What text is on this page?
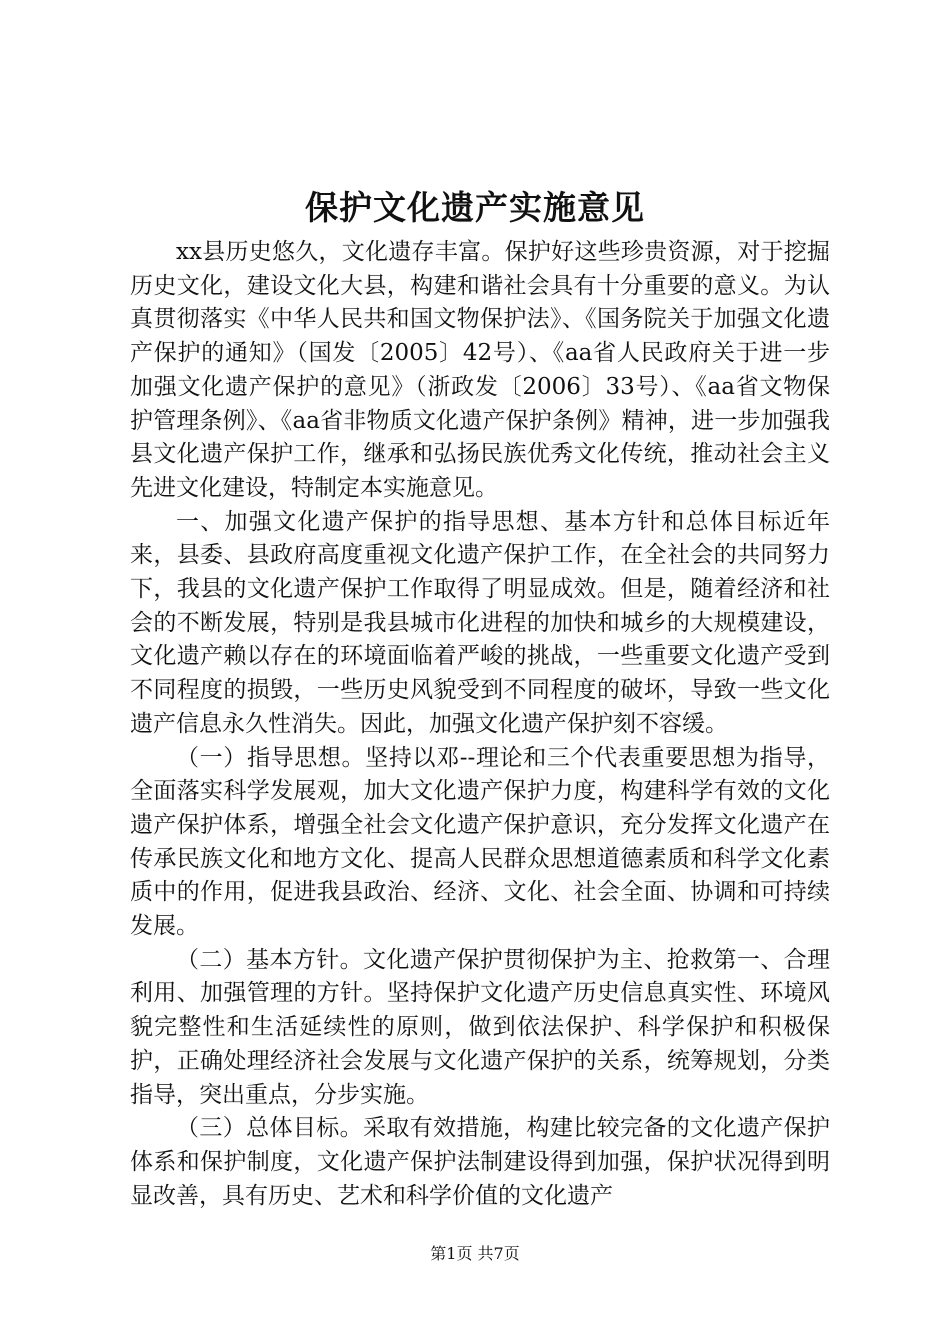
保护文化遗产实施意见

xx县历史悠久，文化遗存丰富。保护好这些珍贵资源，对于挖掘历史文化，建设文化大县，构建和谐社会具有十分重要的意义。为认真贯彻落实《中华人民共和国文物保护法》、《国务院关于加强文化遗产保护的通知》（国发〔2005〕42号）、《aa省人民政府关于进一步加强文化遗产保护的意见》（浙政发〔2006〕33号）、《aa省文物保护管理条例》、《aa省非物质文化遗产保护条例》精神，进一步加强我县文化遗产保护工作，继承和弘扬民族优秀文化传统，推动社会主义先进文化建设，特制定本实施意见。

一、加强文化遗产保护的指导思想、基本方针和总体目标近年来，县委、县政府高度重视文化遗产保护工作，在全社会的共同努力下，我县的文化遗产保护工作取得了明显成效。但是，随着经济和社会的不断发展，特别是我县城市化进程的加快和城乡的大规模建设，文化遗产赖以存在的环境面临着严峻的挑战，一些重要文化遗产受到不同程度的损毁，一些历史风貌受到不同程度的破坏，导致一些文化遗产信息永久性消失。因此，加强文化遗产保护刻不容缓。

（一）指导思想。坚持以邓--理论和三个代表重要思想为指导，全面落实科学发展观，加大文化遗产保护力度，构建科学有效的文化遗产保护体系，增强全社会文化遗产保护意识，充分发挥文化遗产在传承民族文化和地方文化、提高人民群众思想道德素质和科学文化素质中的作用，促进我县政治、经济、文化、社会全面、协调和可持续发展。

（二）基本方针。文化遗产保护贯彻保护为主、抢救第一、合理利用、加强管理的方针。坚持保护文化遗产历史信息真实性、环境风貌完整性和生活延续性的原则，做到依法保护、科学保护和积极保护，正确处理经济社会发展与文化遗产保护的关系，统筹规划，分类指导，突出重点，分步实施。

（三）总体目标。采取有效措施，构建比较完备的文化遗产保护体系和保护制度，文化遗产保护法制建设得到加强，保护状况得到明显改善，具有历史、艺术和科学价值的文化遗产

第1页 共7页
